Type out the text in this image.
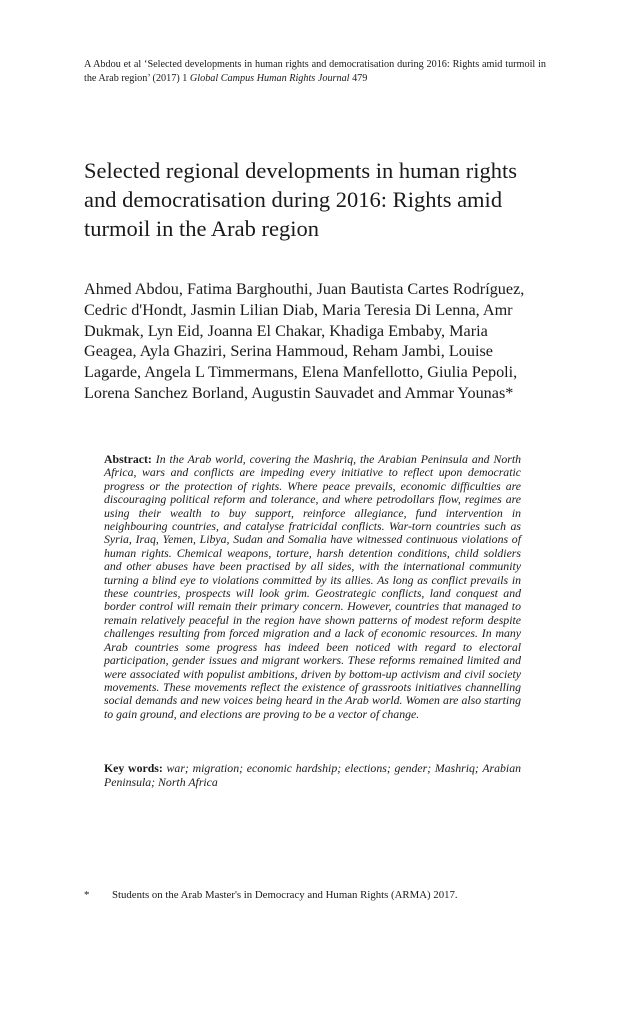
A Abdou et al ‘Selected developments in human rights and democratisation during 2016: Rights amid turmoil in the Arab region’ (2017) 1 Global Campus Human Rights Journal 479
Selected regional developments in human rights and democratisation during 2016: Rights amid turmoil in the Arab region
Ahmed Abdou, Fatima Barghouthi, Juan Bautista Cartes Rodríguez, Cedric d'Hondt, Jasmin Lilian Diab, Maria Teresia Di Lenna, Amr Dukmak, Lyn Eid, Joanna El Chakar, Khadiga Embaby, Maria Geagea, Ayla Ghaziri, Serina Hammoud, Reham Jambi, Louise Lagarde, Angela L Timmermans, Elena Manfellotto, Giulia Pepoli, Lorena Sanchez Borland, Augustin Sauvadet and Ammar Younas*
Abstract: In the Arab world, covering the Mashriq, the Arabian Peninsula and North Africa, wars and conflicts are impeding every initiative to reflect upon democratic progress or the protection of rights. Where peace prevails, economic difficulties are discouraging political reform and tolerance, and where petrodollars flow, regimes are using their wealth to buy support, reinforce allegiance, fund intervention in neighbouring countries, and catalyse fratricidal conflicts. War-torn countries such as Syria, Iraq, Yemen, Libya, Sudan and Somalia have witnessed continuous violations of human rights. Chemical weapons, torture, harsh detention conditions, child soldiers and other abuses have been practised by all sides, with the international community turning a blind eye to violations committed by its allies. As long as conflict prevails in these countries, prospects will look grim. Geostrategic conflicts, land conquest and border control will remain their primary concern. However, countries that managed to remain relatively peaceful in the region have shown patterns of modest reform despite challenges resulting from forced migration and a lack of economic resources. In many Arab countries some progress has indeed been noticed with regard to electoral participation, gender issues and migrant workers. These reforms remained limited and were associated with populist ambitions, driven by bottom-up activism and civil society movements. These movements reflect the existence of grassroots initiatives channelling social demands and new voices being heard in the Arab world. Women are also starting to gain ground, and elections are proving to be a vector of change.
Key words: war; migration; economic hardship; elections; gender; Mashriq; Arabian Peninsula; North Africa
* Students on the Arab Master's in Democracy and Human Rights (ARMA) 2017.
